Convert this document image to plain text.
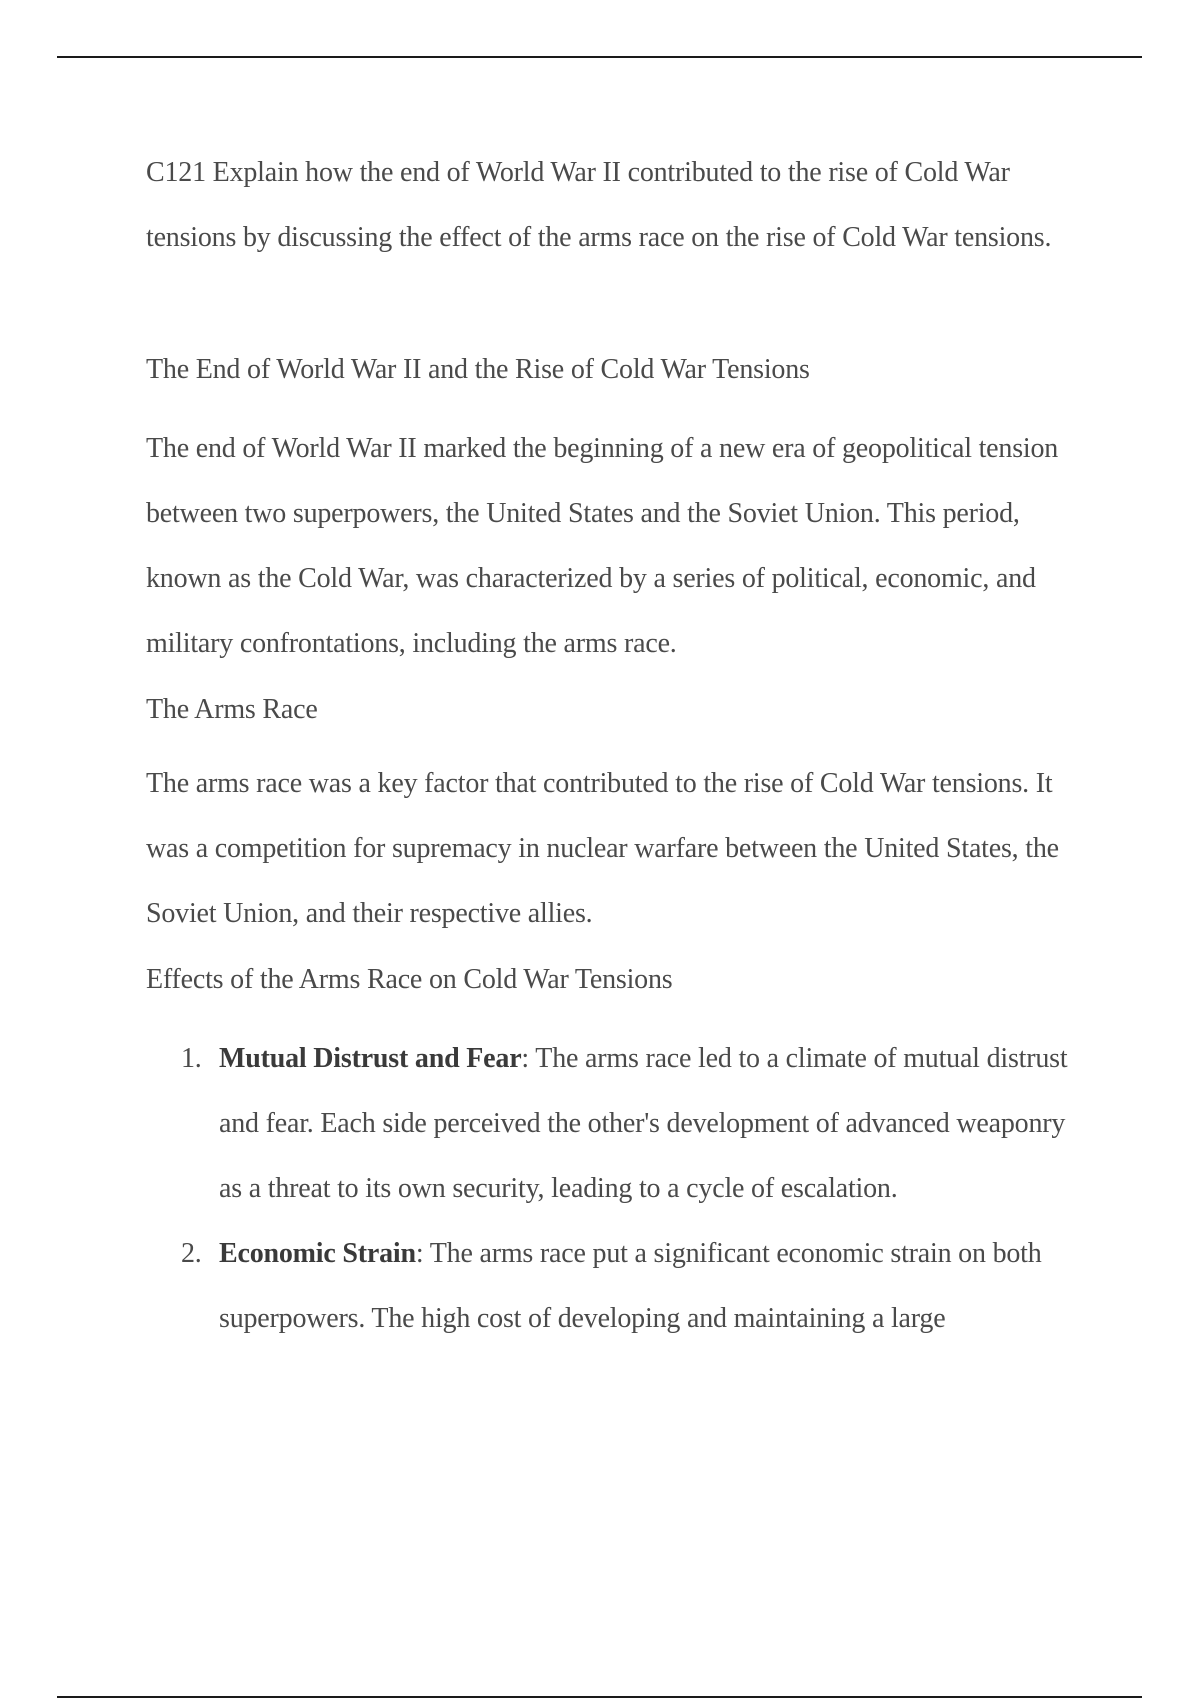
C121 Explain how the end of World War II contributed to the rise of Cold War tensions by discussing the effect of the arms race on the rise of Cold War tensions.

The End of World War II and the Rise of Cold War Tensions

The end of World War II marked the beginning of a new era of geopolitical tension between two superpowers, the United States and the Soviet Union. This period, known as the Cold War, was characterized by a series of political, economic, and military confrontations, including the arms race.

The Arms Race

The arms race was a key factor that contributed to the rise of Cold War tensions. It was a competition for supremacy in nuclear warfare between the United States, the Soviet Union, and their respective allies.

Effects of the Arms Race on Cold War Tensions

1. Mutual Distrust and Fear: The arms race led to a climate of mutual distrust and fear. Each side perceived the other's development of advanced weaponry as a threat to its own security, leading to a cycle of escalation.
2. Economic Strain: The arms race put a significant economic strain on both superpowers. The high cost of developing and maintaining a large
